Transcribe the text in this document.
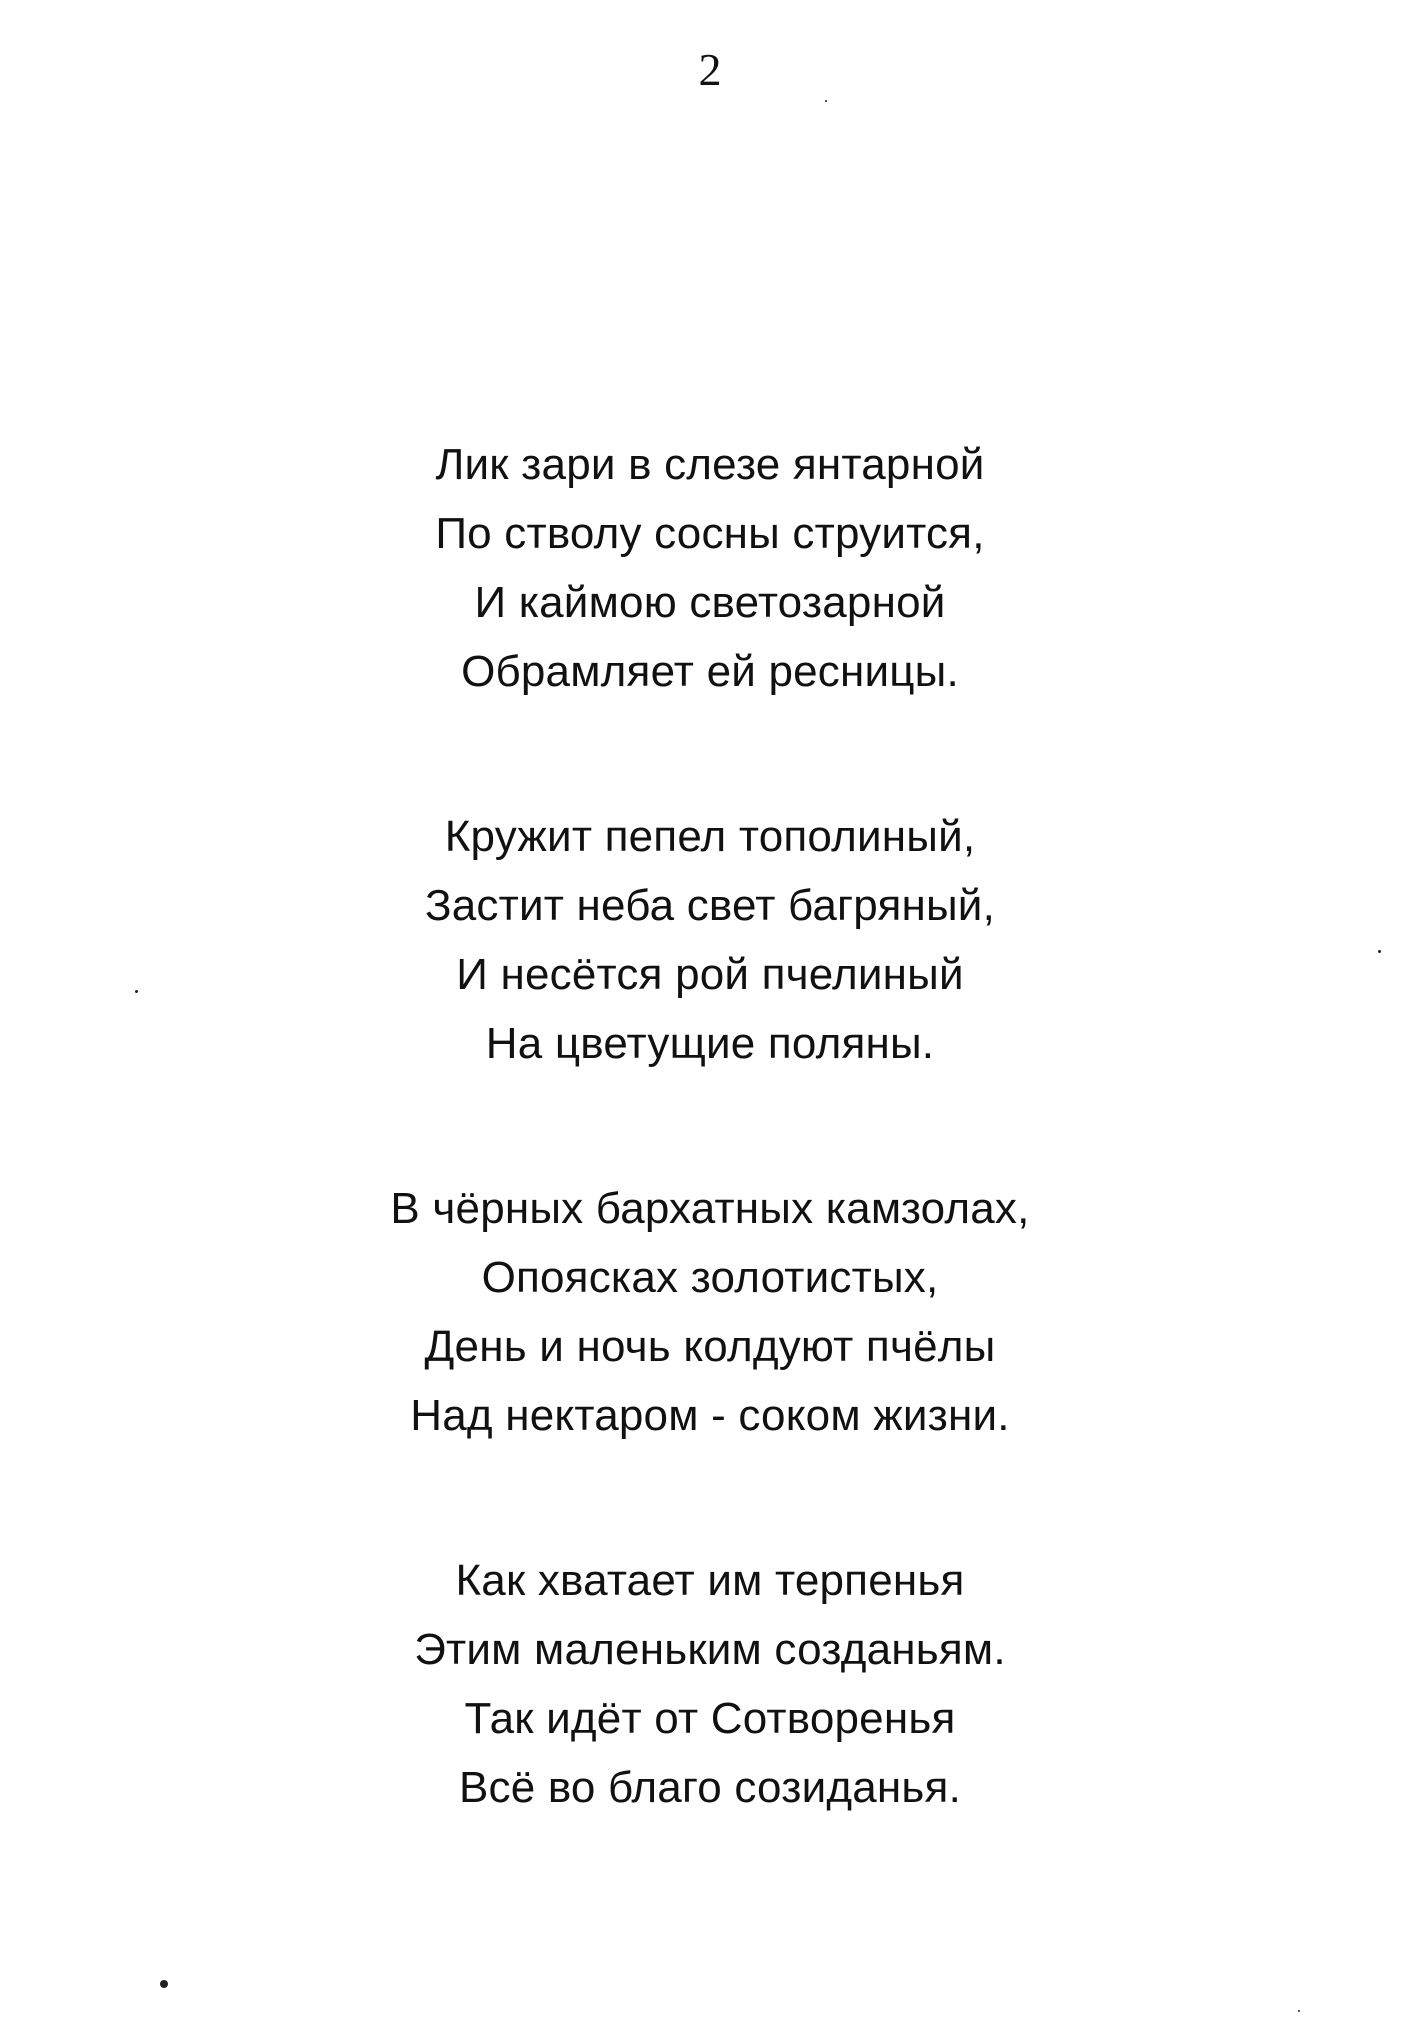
2
Лик зари в слезе янтарной
По стволу сосны струится,
И каймою светозарной
Обрамляет ей ресницы.
Кружит пепел тополиный,
Застит неба свет багряный,
И несётся рой пчелиный
На цветущие поляны.
В чёрных бархатных камзолах,
Опоясках золотистых,
День и ночь колдуют пчёлы
Над нектаром - соком жизни.
Как хватает им терпенья
Этим маленьким созданьям.
Так идёт от Сотворенья
Всё во благо созиданья.
